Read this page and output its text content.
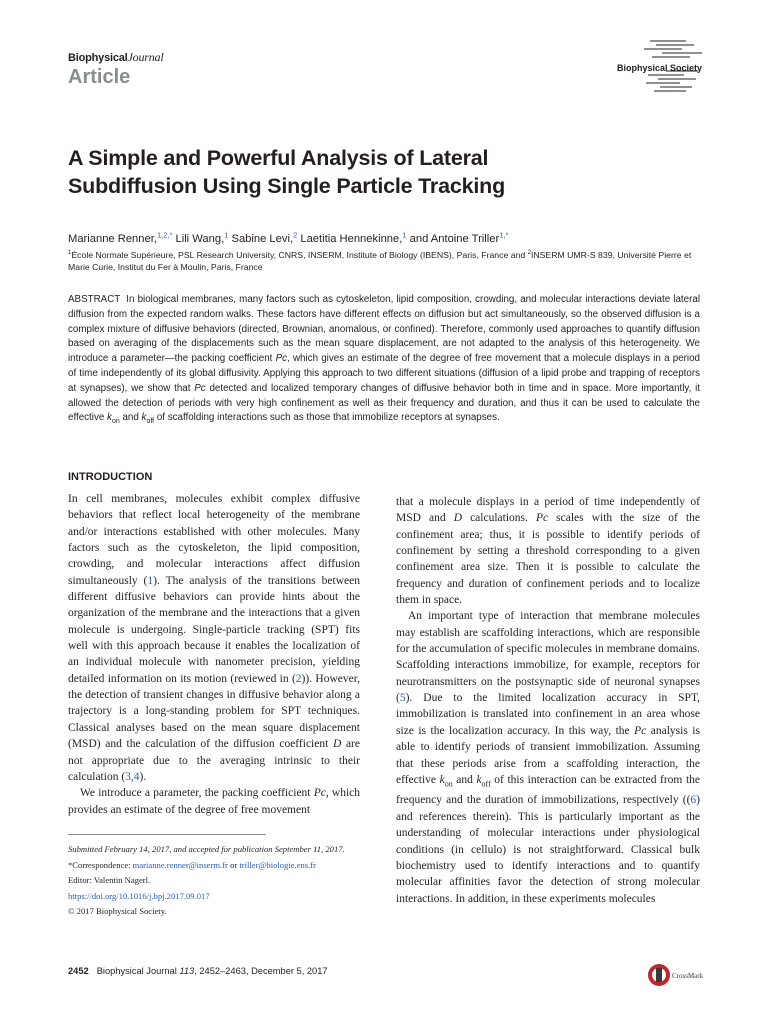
BiophysicalJournal
Article	Biophysical Society
A Simple and Powerful Analysis of Lateral
Subdiffusion Using Single Particle Tracking
Marianne Renner,$^{1,2,*}$ Lili Wang,$^1$ Sabine Levi,$^2$ Laetitia Hennekinne,$^1$ and Antoine Triller$^{1,*}$
$^1$École Normale Supérieure, PSL Research University, CNRS, INSERM, Institute of Biology (IBENS), Paris, France and $^2$INSERM UMR-S 839, Université Pierre et Marie Curie, Institut du Fer à Moulin, Paris, France
ABSTRACT In biological membranes, many factors such as cytoskeleton, lipid composition, crowding, and molecular interactions deviate lateral diffusion from the expected random walks. These factors have different effects on diffusion but act simultaneously, so the observed diffusion is a complex mixture of diffusive behaviors (directed, Brownian, anomalous, or confined). Therefore, commonly used approaches to quantify diffusion based on averaging of the displacements such as the mean square displacement, are not adapted to the analysis of this heterogeneity. We introduce a parameter—the packing coefficient Pc, which gives an estimate of the degree of free movement that a molecule displays in a period of time independently of its global diffusivity. Applying this approach to two different situations (diffusion of a lipid probe and trapping of receptors at synapses), we show that Pc detected and localized temporary changes of diffusive behavior both in time and in space. More importantly, it allowed the detection of periods with very high confinement as well as their frequency and duration, and thus it can be used to calculate the effective $k_{on}$ and $k_{off}$ of scaffolding interactions such as those that immobilize receptors at synapses.
INTRODUCTION

In cell membranes, molecules exhibit complex diffusive behaviors that reflect local heterogeneity of the membrane and/or interactions established with other molecules. Many factors such as the cytoskeleton, the lipid composition, crowding, and molecular interactions affect diffusion simultaneously (1). The analysis of the transitions between different diffusive behaviors can provide hints about the organization of the membrane and the interactions that a given molecule is undergoing. Single-particle tracking (SPT) fits well with this approach because it enables the localization of an individual molecule with nanometer precision, yielding detailed information on its motion (reviewed in (2)). However, the detection of transient changes in diffusive behavior along a trajectory is a long-standing problem for SPT techniques. Classical analyses based on the mean square displacement (MSD) and the calculation of the diffusion coefficient D are not appropriate due to the averaging intrinsic to their calculation (3,4).

We introduce a parameter, the packing coefficient Pc, which provides an estimate of the degree of free movement

that a molecule displays in a period of time independently of MSD and D calculations. Pc scales with the size of the confinement area; thus, it is possible to identify periods of confinement by setting a threshold corresponding to a given confinement area size. Then it is possible to calculate the frequency and duration of confinement periods and to localize them in space.

An important type of interaction that membrane molecules may establish are scaffolding interactions, which are responsible for the accumulation of specific molecules in membrane domains. Scaffolding interactions immobilize, for example, receptors for neurotransmitters on the postsynaptic side of neuronal synapses (5). Due to the limited localization accuracy in SPT, immobilization is translated into confinement in an area whose size is the localization accuracy. In this way, the Pc analysis is able to identify periods of transient immobilization. Assuming that these periods arise from a scaffolding interaction, the effective $k_{on}$ and $k_{off}$ of this interaction can be extracted from the frequency and the duration of immobilizations, respectively ((6) and references therein). This is particularly important as the understanding of molecular interactions under physiological conditions (in cellulo) is not straightforward. Classical bulk biochemistry used to identify interactions and to quantify molecular affinities favor the detection of strong molecular interactions. In addition, in these experiments molecules

Submitted February 14, 2017, and accepted for publication September 11, 2017.

*Correspondence: marianne.renner@inserm.fr or triller@biologie.ens.fr

Editor: Valentin Nagerl.

https://doi.org/10.1016/j.bpj.2017.09.017

© 2017 Biophysical Society.

2452 Biophysical Journal 113, 2452–2463, December 5, 2017	CrossMark
